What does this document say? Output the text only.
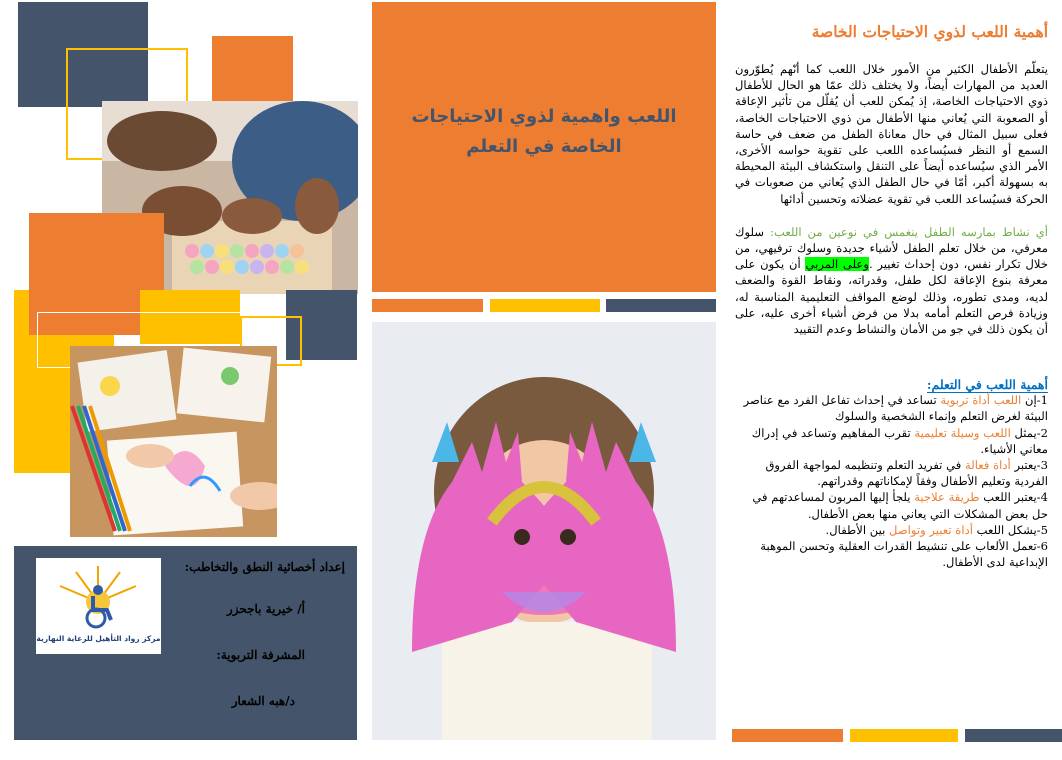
مركز رواد التأهيل للرعاية النهارية
إعداد أخصائية النطق والتخاطب:
أ/ خيرية باجحزر
المشرفة التربوية:
د/هبه الشعار
اللعب واهمية لذوي الاحتياجات الخاصة في التعلم
أهمية اللعب لذوي الاحتياجات الخاصة

يتعلّم الأطفال الكثير من الأمور خلال اللعب كما أنّهم يُطوّرون العديد من المهارات أيضاً، ولا يختلف ذلك عمّا هو الحال للأطفال ذوي الاحتياجات الخاصة، إذ يُمكن للعب أن يُقلّل من تأثير الإعاقة أو الصعوبة التي يُعاني منها الأطفال من ذوي الاحتياجات الخاصة، فعلى سبيل المثال في حال معاناة الطفل من ضعف في حاسة السمع أو النظر فسيُساعده اللعب على تقوية حواسه الأخرى، الأمر الذي سيُساعده أيضاً على التنقل واستكشاف البيئة المحيطة به بسهولة أكبر، أمّا في حال الطفل الذي يُعاني من صعوبات في الحركة فسيُساعد اللعب في تقوية عضلاته وتحسين أدائها

أي نشاط بمارسه الطفل ينغمس في نوعين من اللعب: سلوك معرفي، من خلال تعلم الطفل لأشياء جديدة وسلوك ترفيهي، من خلال تكرار نفس، دون إحداث تغيير .وعلى المربي أن يكون على معرفة بنوع الإعاقة لكل طفل، وقدراته، ونقاط القوة والضعف لديه، ومدى تطوره، وذلك لوضع المواقف التعليمية المناسبة له، وزيادة فرص التعلم أمامه بدلا من فرض أشياء أخرى عليه، على أن يكون ذلك في جو من الأمان والنشاط وعدم التقييد

أهمية اللعب في التعلم:

1-إن اللعب أداة تربوية تساعد في إحداث تفاعل الفرد مع عناصر البيئة لغرض التعلم وإنماء الشخصية والسلوك

2-يمثل اللعب وسيلة تعليمية تقرب المفاهيم وتساعد في إدراك معاني الأشياء.

3-يعتبر أداة فعالة في تفريد التعلم وتنظيمه لمواجهة الفروق الفردية وتعليم الأطفال وفقاً لإمكاناتهم وقدراتهم.

4-يعتبر اللعب طريقة علاجية يلجأ إليها المربون لمساعدتهم في حل بعض المشكلات التي يعاني منها بعض الأطفال.

5-يشكل اللعب أداة تعبير وتواصل بين الأطفال.

6-تعمل الألعاب على تنشيط القدرات العقلية وتحسن الموهبة الإبداعية لدى الأطفال.
